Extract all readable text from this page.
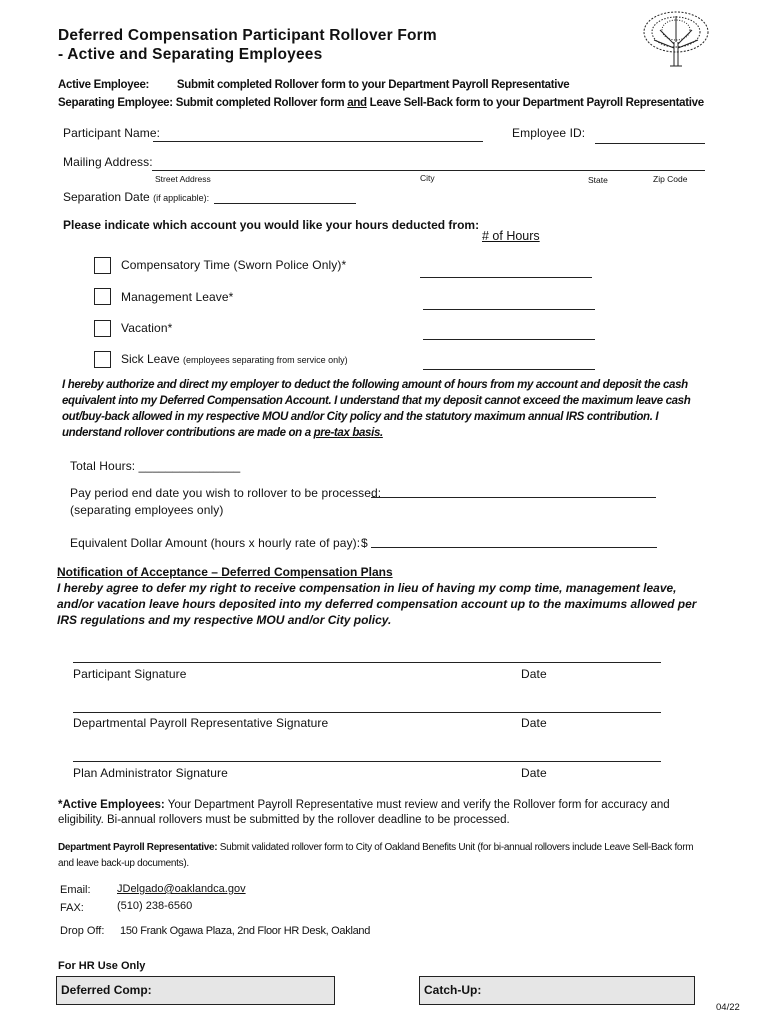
Deferred Compensation Participant Rollover Form
- Active and Separating Employees
Active Employee: Submit completed Rollover form to your Department Payroll Representative
Separating Employee: Submit completed Rollover form and Leave Sell-Back form to your Department Payroll Representative
Participant Name:	Employee ID:
Mailing Address:
Street Address	City	State	Zip Code
Separation Date (if applicable):
Please indicate which account you would like your hours deducted from:
# of Hours
Compensatory Time (Sworn Police Only)*
Management Leave*
Vacation*
Sick Leave (employees separating from service only)
I hereby authorize and direct my employer to deduct the following amount of hours from my account and deposit the cash equivalent into my Deferred Compensation Account. I understand that my deposit cannot exceed the maximum leave cash out/buy-back allowed in my respective MOU and/or City policy and the statutory maximum annual IRS contribution. I understand rollover contributions are made on a pre-tax basis.
Total Hours: _______________
Pay period end date you wish to rollover to be processed:
(separating employees only)
Equivalent Dollar Amount (hours x hourly rate of pay): $
Notification of Acceptance – Deferred Compensation Plans
I hereby agree to defer my right to receive compensation in lieu of having my comp time, management leave, and/or vacation leave hours deposited into my deferred compensation account up to the maximums allowed per IRS regulations and my respective MOU and/or City policy.
Participant Signature	Date
Departmental Payroll Representative Signature	Date
Plan Administrator Signature	Date
*Active Employees: Your Department Payroll Representative must review and verify the Rollover form for accuracy and eligibility. Bi-annual rollovers must be submitted by the rollover deadline to be processed.
Department Payroll Representative: Submit validated rollover form to City of Oakland Benefits Unit (for bi-annual rollovers include Leave Sell-Back form and leave back-up documents).
Email: JDelgado@oaklandca.gov
FAX:	(510) 238-6560
Drop Off: 150 Frank Ogawa Plaza, 2nd Floor HR Desk, Oakland
For HR Use Only
Deferred Comp:	Catch-Up:
04/22
